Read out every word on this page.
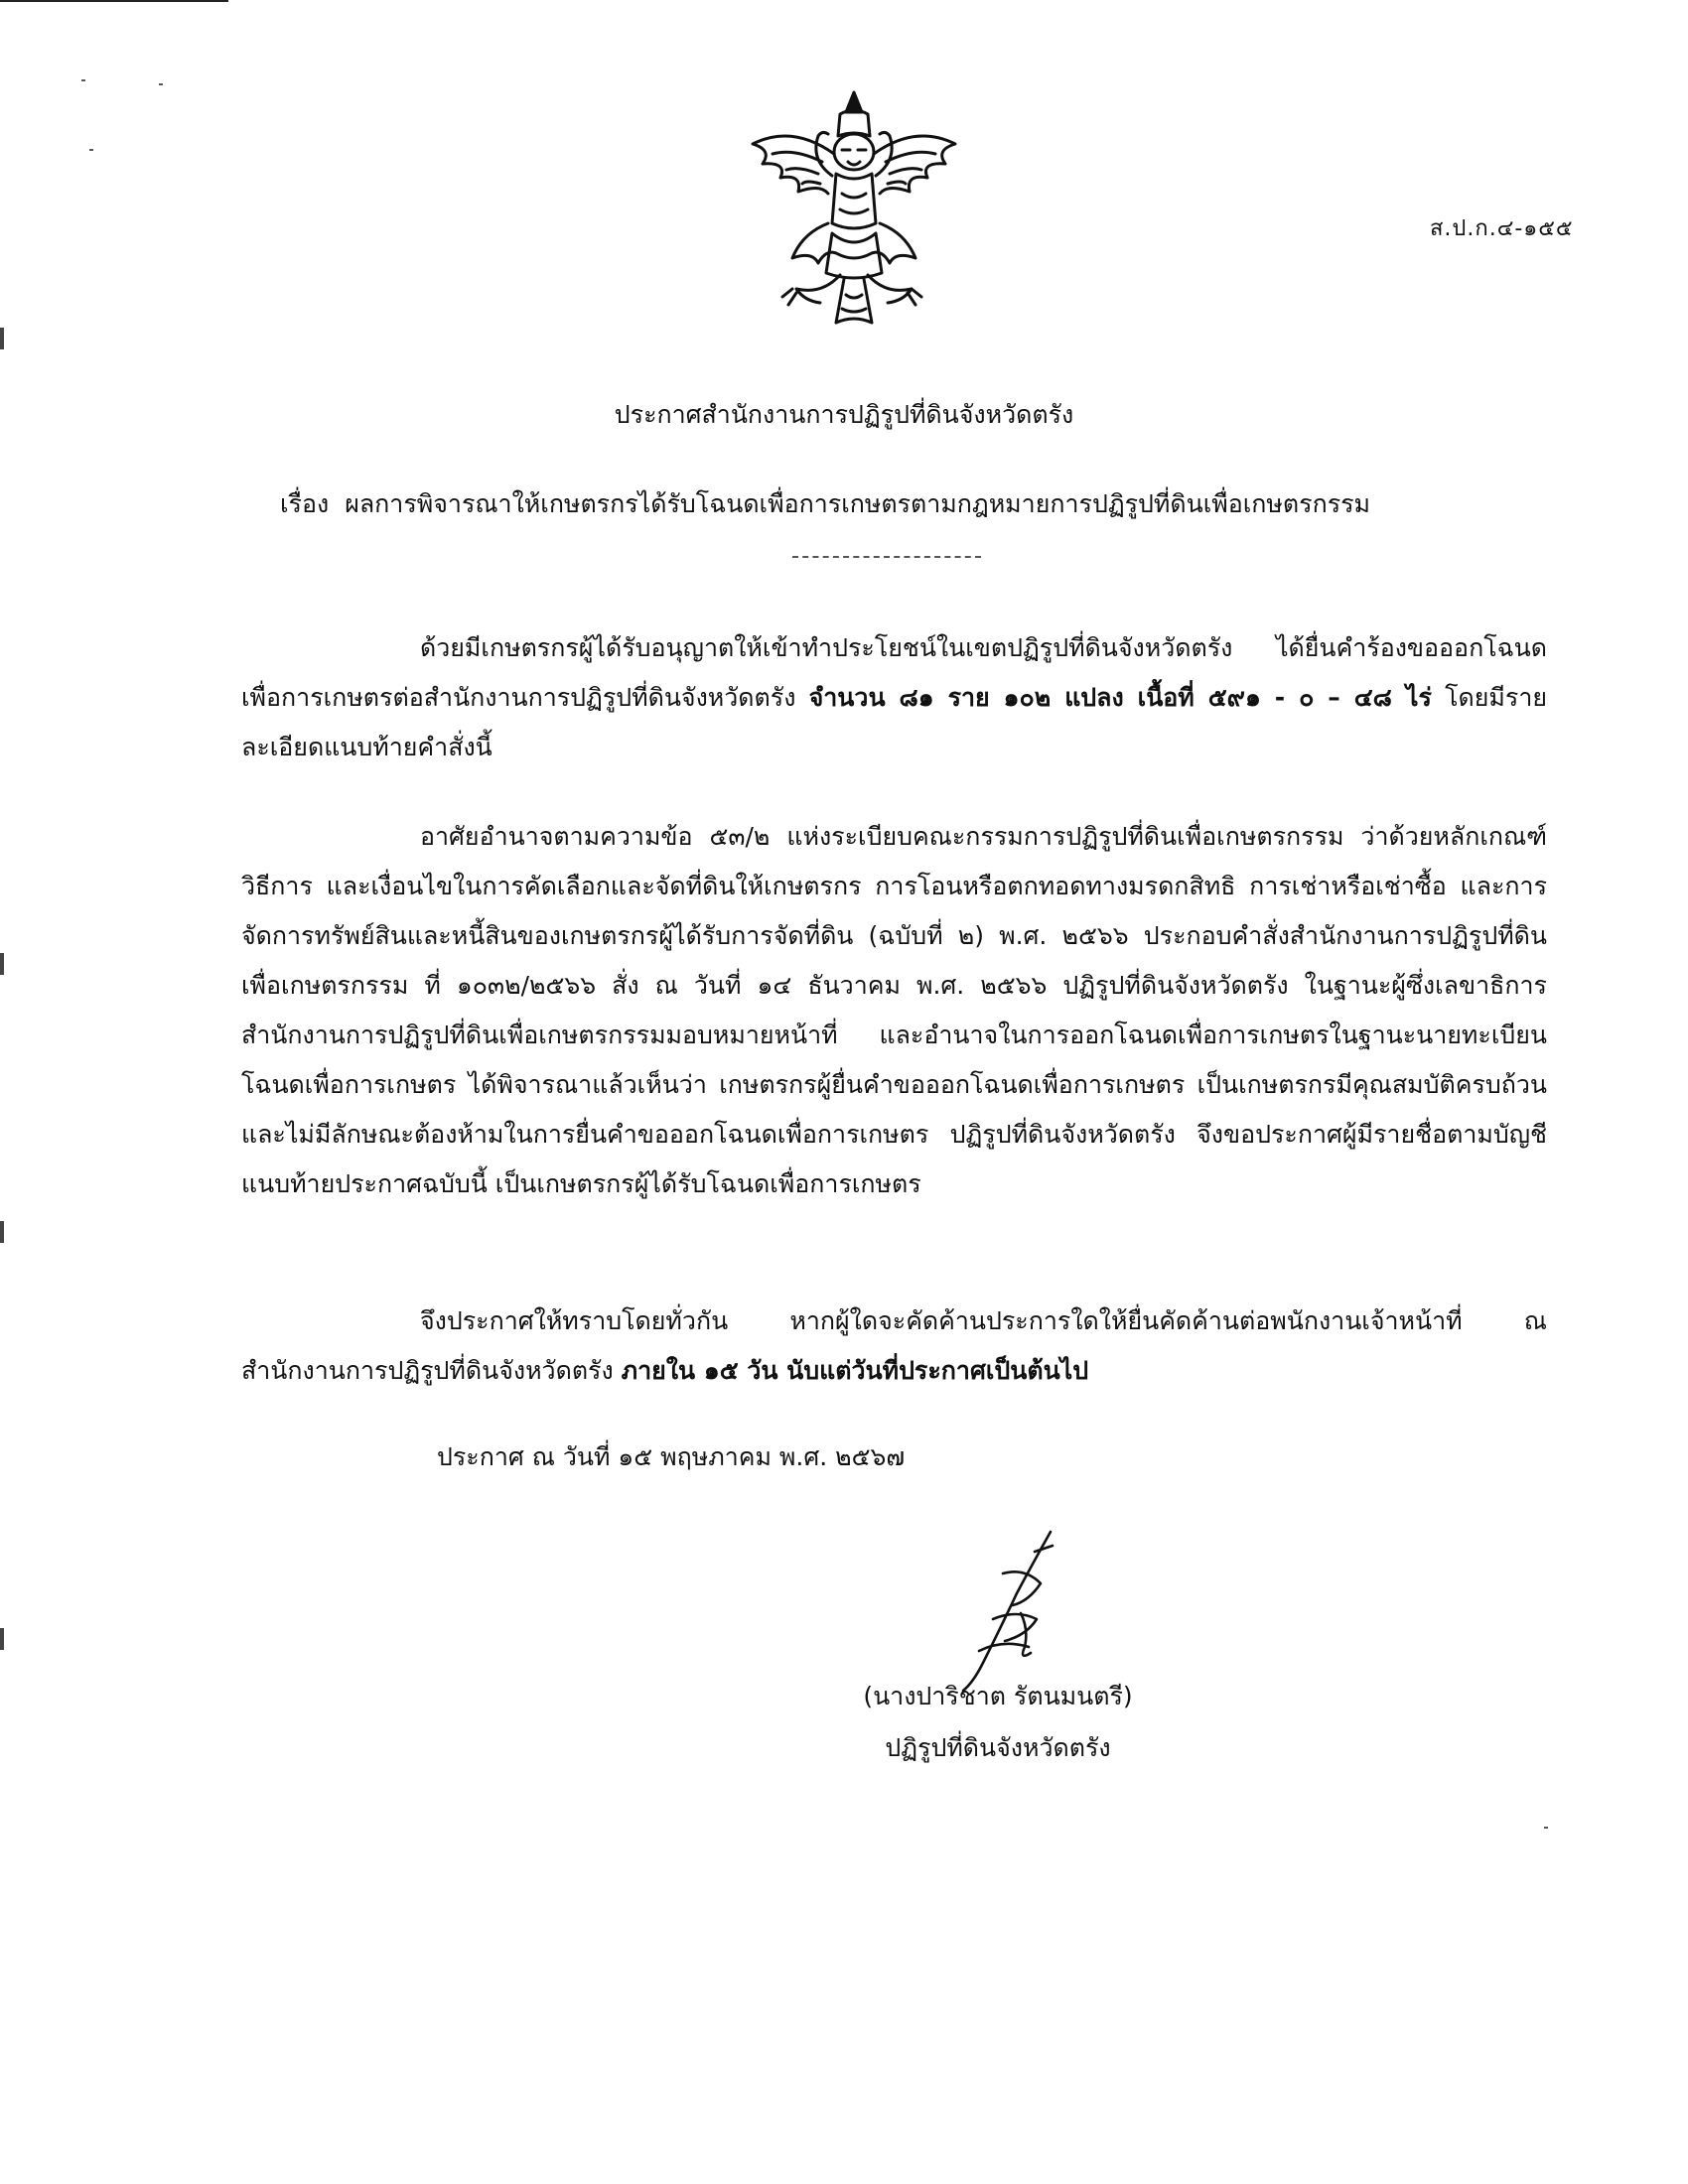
ส.ป.ก.๔-๑๕๕
ประกาศสำนักงานการปฏิรูปที่ดินจังหวัดตรัง
เรื่อง ผลการพิจารณาให้เกษตรกรได้รับโฉนดเพื่อการเกษตรตามกฎหมายการปฏิรูปที่ดินเพื่อเกษตรกรรม
ด้วยมีเกษตรกรผู้ได้รับอนุญาตให้เข้าทำประโยชน์ในเขตปฏิรูปที่ดินจังหวัดตรัง ได้ยื่นคำร้องขอออกโฉนดเพื่อการเกษตรต่อสำนักงานการปฏิรูปที่ดินจังหวัดตรัง จำนวน ๘๑ ราย ๑๐๒ แปลง เนื้อที่ ๕๙๑ - ๐ – ๔๘ ไร่ โดยมีรายละเอียดแนบท้ายคำสั่งนี้
อาศัยอำนาจตามความข้อ ๕๓/๒ แห่งระเบียบคณะกรรมการปฏิรูปที่ดินเพื่อเกษตรกรรม ว่าด้วยหลักเกณฑ์ วิธีการ และเงื่อนไขในการคัดเลือกและจัดที่ดินให้เกษตรกร การโอนหรือตกทอดทางมรดกสิทธิ การเช่าหรือเช่าซื้อ และการจัดการทรัพย์สินและหนี้สินของเกษตรกรผู้ได้รับการจัดที่ดิน (ฉบับที่ ๒) พ.ศ. ๒๕๖๖ ประกอบคำสั่งสำนักงานการปฏิรูปที่ดินเพื่อเกษตรกรรม ที่ ๑๐๓๒/๒๕๖๖ สั่ง ณ วันที่ ๑๔ ธันวาคม พ.ศ. ๒๕๖๖ ปฏิรูปที่ดินจังหวัดตรัง ในฐานะผู้ซึ่งเลขาธิการสำนักงานการปฏิรูปที่ดินเพื่อเกษตรกรรมมอบหมายหน้าที่ และอำนาจในการออกโฉนดเพื่อการเกษตรในฐานะนายทะเบียนโฉนดเพื่อการเกษตร ได้พิจารณาแล้วเห็นว่า เกษตรกรผู้ยื่นคำขอออกโฉนดเพื่อการเกษตร เป็นเกษตรกรมีคุณสมบัติครบถ้วนและไม่มีลักษณะต้องห้ามในการยื่นคำขอออกโฉนดเพื่อการเกษตร ปฏิรูปที่ดินจังหวัดตรัง จึงขอประกาศผู้มีรายชื่อตามบัญชีแนบท้ายประกาศฉบับนี้ เป็นเกษตรกรผู้ได้รับโฉนดเพื่อการเกษตร
จึงประกาศให้ทราบโดยทั่วกัน หากผู้ใดจะคัดค้านประการใดให้ยื่นคัดค้านต่อพนักงานเจ้าหน้าที่ ณ สำนักงานการปฏิรูปที่ดินจังหวัดตรัง ภายใน ๑๕ วัน นับแต่วันที่ประกาศเป็นต้นไป
ประกาศ ณ วันที่ ๑๕ พฤษภาคม พ.ศ. ๒๕๖๗
(นางปาริชาต รัตนมนตรี)
ปฏิรูปที่ดินจังหวัดตรัง
